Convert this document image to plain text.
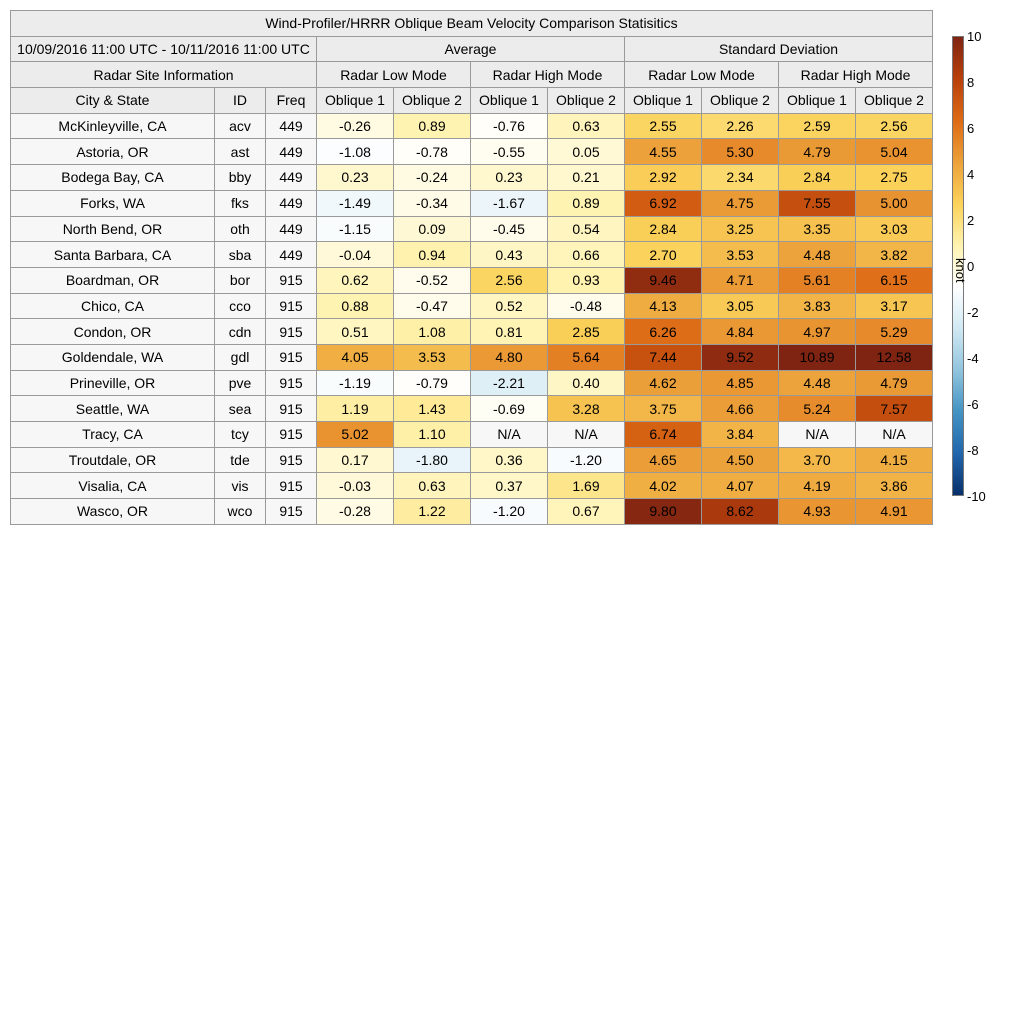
Wind-Profiler/HRRR Oblique Beam Velocity Comparison Statisitics										
10/09/2016 11:00 UTC - 10/11/2016 11:00 UTC			Average				Standard Deviation			
Radar Site Information			Radar Low Mode		Radar High Mode		Radar Low Mode		Radar High Mode	
City & State	ID	Freq	Oblique 1	Oblique 2	Oblique 1	Oblique 2	Oblique 1	Oblique 2	Oblique 1	Oblique 2
McKinleyville, CA	acv	449	-0.26	0.89	-0.76	0.63	2.55	2.26	2.59	2.56
Astoria, OR	ast	449	-1.08	-0.78	-0.55	0.05	4.55	5.30	4.79	5.04
Bodega Bay, CA	bby	449	0.23	-0.24	0.23	0.21	2.92	2.34	2.84	2.75
Forks, WA	fks	449	-1.49	-0.34	-1.67	0.89	6.92	4.75	7.55	5.00
North Bend, OR	oth	449	-1.15	0.09	-0.45	0.54	2.84	3.25	3.35	3.03
Santa Barbara, CA	sba	449	-0.04	0.94	0.43	0.66	2.70	3.53	4.48	3.82
Boardman, OR	bor	915	0.62	-0.52	2.56	0.93	9.46	4.71	5.61	6.15
Chico, CA	cco	915	0.88	-0.47	0.52	-0.48	4.13	3.05	3.83	3.17
Condon, OR	cdn	915	0.51	1.08	0.81	2.85	6.26	4.84	4.97	5.29
Goldendale, WA	gdl	915	4.05	3.53	4.80	5.64	7.44	9.52	10.89	12.58
Prineville, OR	pve	915	-1.19	-0.79	-2.21	0.40	4.62	4.85	4.48	4.79
Seattle, WA	sea	915	1.19	1.43	-0.69	3.28	3.75	4.66	5.24	7.57
Tracy, CA	tcy	915	5.02	1.10	N/A	N/A	6.74	3.84	N/A	N/A
Troutdale, OR	tde	915	0.17	-1.80	0.36	-1.20	4.65	4.50	3.70	4.15
Visalia, CA	vis	915	-0.03	0.63	0.37	1.69	4.02	4.07	4.19	3.86
Wasco, OR	wco	915	-0.28	1.22	-1.20	0.67	9.80	8.62	4.93	4.91
10
8
6
4
2
0
-2
-4
-6
-8
-10
knot
